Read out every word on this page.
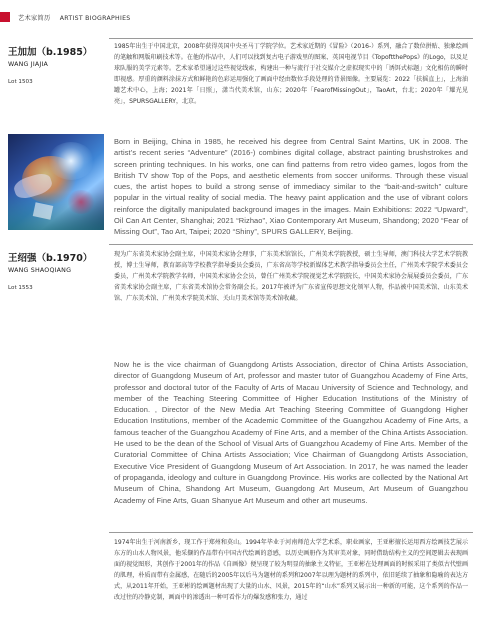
艺术家简历 ARTIST BIOGRAPHIES
王加加（b.1985）
WANG JIAJIA
Lot 1503
1985年出生于中国北京，2008年获得英国中央圣马丁学院学位。艺术家近期的《冒险》（2016-）系列，融合了数位拼贴、独象绘画的笔触和网版印刷技术等。在他的作品中，人们可以找到复古电子游戏里的图案、英国电视节目《TopoftthePops》的Logo，以及足球队服的美学元素等。艺术家希望通过这些视觉线索，构建出一种与流行于社交媒介之虚拟现实中的「诱饵式标题」文化相仿的瞬时即视感。厚重的颜料涂抹方式和鲜艳的色彩运用强化了画面中经由数位手段处理的背景图像。主要展览：2022「扶摇直上」，上海油罐艺术中心，上海；2021年「日照」，潇当代美术馆，山东；2020年「FearofMissingOut」，TaoArt，台北；2020年「耀光见亮」，SPURSGALLERY，北京。
Born in Beijing, China in 1985, he received his degree from Central Saint Martins, UK in 2008. The artist’s recent series “Adventure” (2016-) combines digital collage, abstract painting brushstrokes and screen printing techniques. In his works, one can find patterns from retro video games, logos from the British TV show Top of the Pops, and aesthetic elements from soccer uniforms. Through these visual cues, the artist hopes to build a strong sense of immediacy similar to the “bait-and-switch” culture popular in the virtual reality of social media. The heavy paint application and the use of vibrant colors reinforce the digitally manipulated background images in the images. Main Exhibitions: 2022 “Upward”, Oil Can Art Center, Shanghai; 2021 “Rizhao”, Xiao Contemporary Art Museum, Shandong; 2020 “Fear of Missing Out”, Tao Art, Taipei; 2020 “Shiny”, SPURS GALLERY, Beijing.
王绍强（b.1970）
WANG SHAOQIANG
Lot 1553
现为广东省美术家协会副主席，中国美术家协会理事，广东美术馆馆长，广州美术学院教授，硕士生导师，澳门科技大学艺术学院教授，博士生导师，教育部高等学校教学指导委员会委员，广东省高等学校新媒体艺术教学指导委员会主任，广州美术学院学术委员会委员，广州美术学院教学名师，中国美术家协会会员，曾任广州美术学院视觉艺术学院院长，中国美术家协会展展委员会委员，广东省美术家协会副主席，广东省美术馆协会常务副会长。2017年被评为广东省宣传思想文化领军人物，作品被中国美术馆、山东美术馆、广东美术馆、广州美术学院美术馆、关山月美术馆等美术馆收藏。
Now he is the vice chairman of Guangdong Artists Association, director of China Artists Association, director of Guangdong Museum of Art, professor and master tutor of Guangzhou Academy of Fine Arts, professor and doctoral tutor of the Faculty of Arts of Macau University of Science and Technology, and member of the Teaching Steering Committee of Higher Education Institutions of the Ministry of Education. , Director of the New Media Art Teaching Steering Committee of Guangdong Higher Education Institutions, member of the Academic Committee of the Guangzhou Academy of Fine Arts, a famous teacher of the Guangzhou Academy of Fine Arts, and a member of the China Artists Association. He used to be the dean of the School of Visual Arts of Guangzhou Academy of Fine Arts. Member of the Curatorial Committee of China Artists Association; Vice Chairman of Guangdong Artists Association, Executive Vice President of Guangdong Museum of Art Association. In 2017, he was named the leader of propaganda, ideology and culture in Guangdong Province. His works are collected by the National Art Museum of China, Shandong Art Museum, Guangdong Art Museum, Art Museum of Guangzhou Academy of Fine Arts, Guan Shanyue Art Museum and other art museums.
1974年出生于河南新乡，现工作于郑州和莫山。1994年毕业于河南师范大学艺术系，职业画家，王亚彬擅长运用西方绘画技艺展示东方的山水人物风景，他采撷的作品带有中国古代绘画的意感，以历史画册作为其审美对象，同时借助结构主义的空间逻辑去表现画面的视觉图形，其创作于2001年的作品《自画像》便呈现了较为明显的抽象主义特征，王亚彬在处理画面的时候采用了类似古代壁画的肌理，朴质而带有金属感，在随后的2005年以后马为题材的系列和2007年以理为题材的系列中，依旧延续了抽象和隐喻的表达方式，从2011年开始，王亚彬的绘画题材出现了大量的山水、风景，2015年的“山水”系列又展示出一种新的可能，这个系列的作品一改过往的冷静克制，画面中的渗透出一种可看作力的爆发感和张力，通过
